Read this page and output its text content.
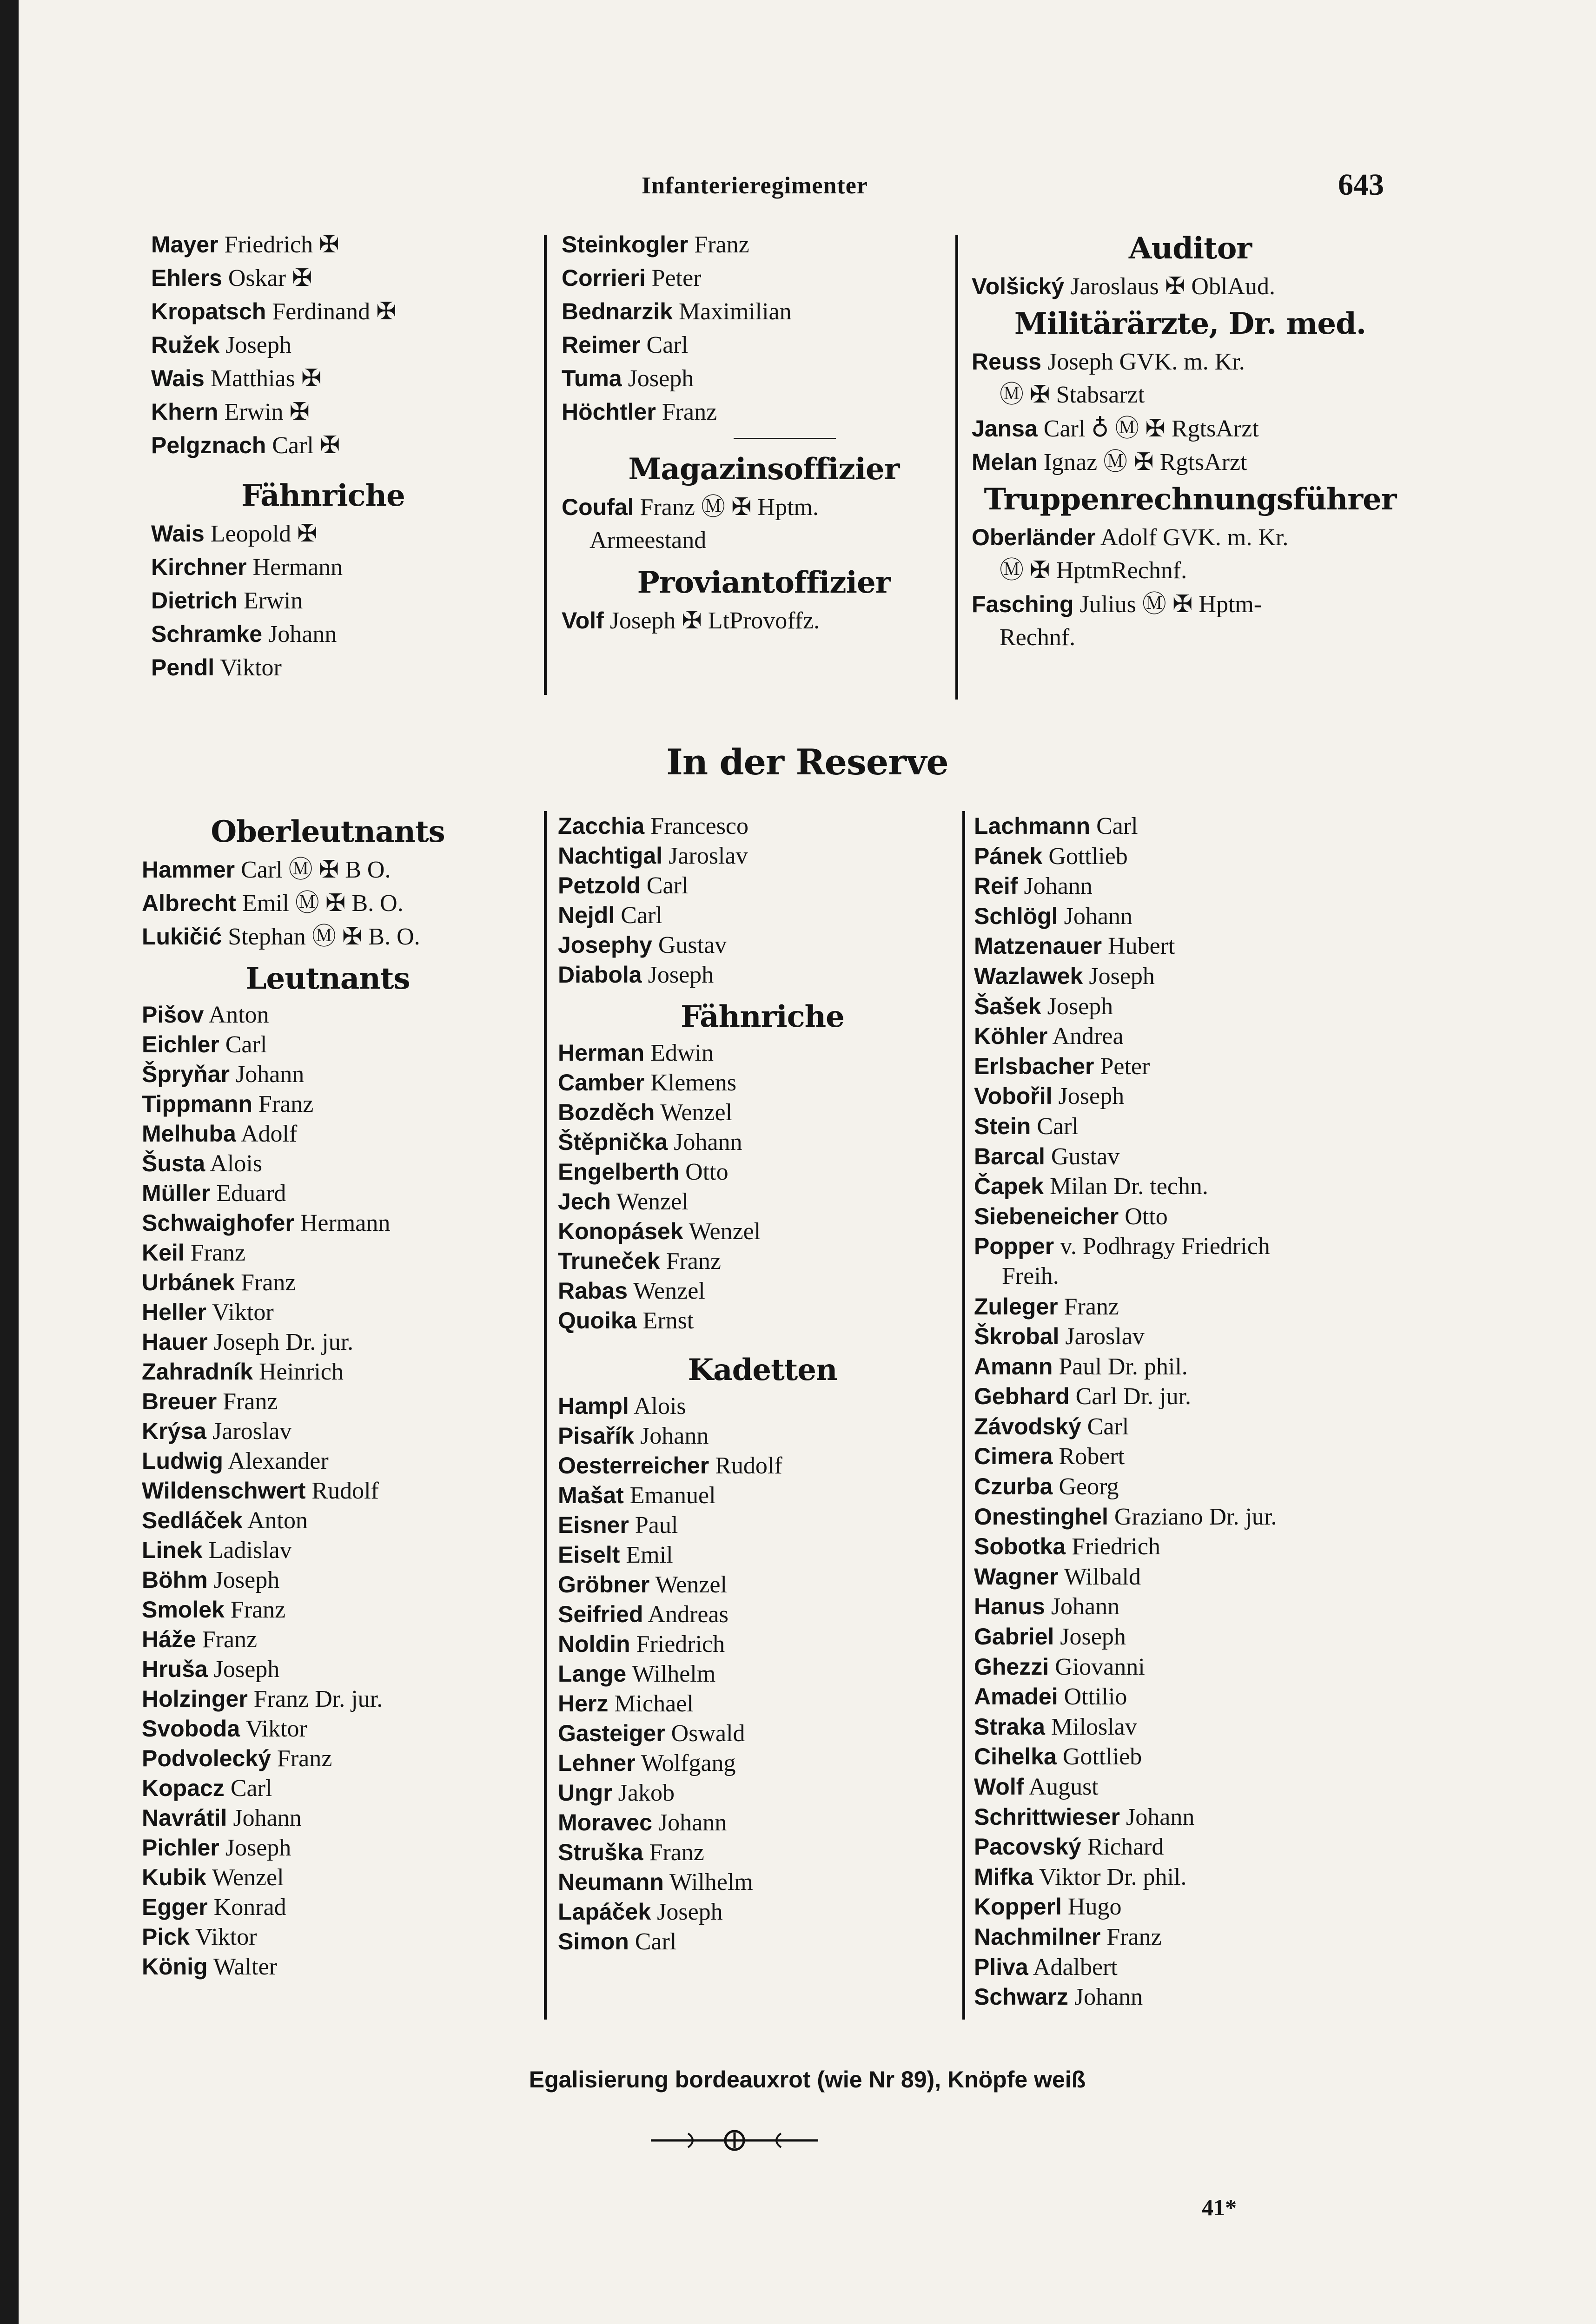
Infanterieregimenter	643
Mayer Friedrich ✠
Ehlers Oskar ✠
Kropatsch Ferdinand ✠
Ružek Joseph
Wais Matthias ✠
Khern Erwin ✠
Pelgznach Carl ✠
Fähnriche
Wais Leopold ✠
Kirchner Hermann
Dietrich Erwin
Schramke Johann
Pendl Viktor
Steinkogler Franz
Corrieri Peter
Bednarzik Maximilian
Reimer Carl
Tuma Joseph
Höchtler Franz
Magazinsoffizier
Coufal Franz Ⓜ ✠ Hptm.
Armeestand
Proviantoffizier
Volf Joseph ✠ LtProvoffz.
Auditor
Volšický Jaroslaus ✠ OblAud.
Militärärzte, Dr. med.
Reuss Joseph GVK. m. Kr.
Ⓜ ✠ Stabsarzt
Jansa Carl ♁ Ⓜ ✠ RgtsArzt
Melan Ignaz Ⓜ ✠ RgtsArzt
Truppenrechnungsführer
Oberländer Adolf GVK. m. Kr.
Ⓜ ✠ HptmRechnf.
Fasching Julius Ⓜ ✠ Hptm-
Rechnf.
In der Reserve
Oberleutnants
Hammer Carl Ⓜ ✠ B O.
Albrecht Emil Ⓜ ✠ B. O.
Lukičić Stephan Ⓜ ✠ B. O.
Leutnants
Pišov Anton
Eichler Carl
Špryňar Johann
Tippmann Franz
Melhuba Adolf
Šusta Alois
Müller Eduard
Schwaighofer Hermann
Keil Franz
Urbánek Franz
Heller Viktor
Hauer Joseph Dr. jur.
Zahradník Heinrich
Breuer Franz
Krýsa Jaroslav
Ludwig Alexander
Wildenschwert Rudolf
Sedláček Anton
Linek Ladislav
Böhm Joseph
Smolek Franz
Háže Franz
Hruša Joseph
Holzinger Franz Dr. jur.
Svoboda Viktor
Podvolecký Franz
Kopacz Carl
Navrátil Johann
Pichler Joseph
Kubik Wenzel
Egger Konrad
Pick Viktor
König Walter
Zacchia Francesco
Nachtigal Jaroslav
Petzold Carl
Nejdl Carl
Josephy Gustav
Diabola Joseph
Fähnriche
Herman Edwin
Camber Klemens
Bozděch Wenzel
Štěpnička Johann
Engelberth Otto
Jech Wenzel
Konopásek Wenzel
Truneček Franz
Rabas Wenzel
Quoika Ernst
Kadetten
Hampl Alois
Pisařík Johann
Oesterreicher Rudolf
Mašat Emanuel
Eisner Paul
Eiselt Emil
Gröbner Wenzel
Seifried Andreas
Noldin Friedrich
Lange Wilhelm
Herz Michael
Gasteiger Oswald
Lehner Wolfgang
Ungr Jakob
Moravec Johann
Struška Franz
Neumann Wilhelm
Lapáček Joseph
Simon Carl
Lachmann Carl
Pánek Gottlieb
Reif Johann
Schlögl Johann
Matzenauer Hubert
Wazlawek Joseph
Šašek Joseph
Köhler Andrea
Erlsbacher Peter
Vobořil Joseph
Stein Carl
Barcal Gustav
Čapek Milan Dr. techn.
Siebeneicher Otto
Popper v. Podhragy Friedrich
Freih.
Zuleger Franz
Škrobal Jaroslav
Amann Paul Dr. phil.
Gebhard Carl Dr. jur.
Závodský Carl
Cimera Robert
Czurba Georg
Onestinghel Graziano Dr. jur.
Sobotka Friedrich
Wagner Wilbald
Hanus Johann
Gabriel Joseph
Ghezzi Giovanni
Amadei Ottilio
Straka Miloslav
Cihelka Gottlieb
Wolf August
Schrittwieser Johann
Pacovský Richard
Mifka Viktor Dr. phil.
Kopperl Hugo
Nachmilner Franz
Pliva Adalbert
Schwarz Johann
Egalisierung bordeauxrot (wie Nr 89), Knöpfe weiß
41*
